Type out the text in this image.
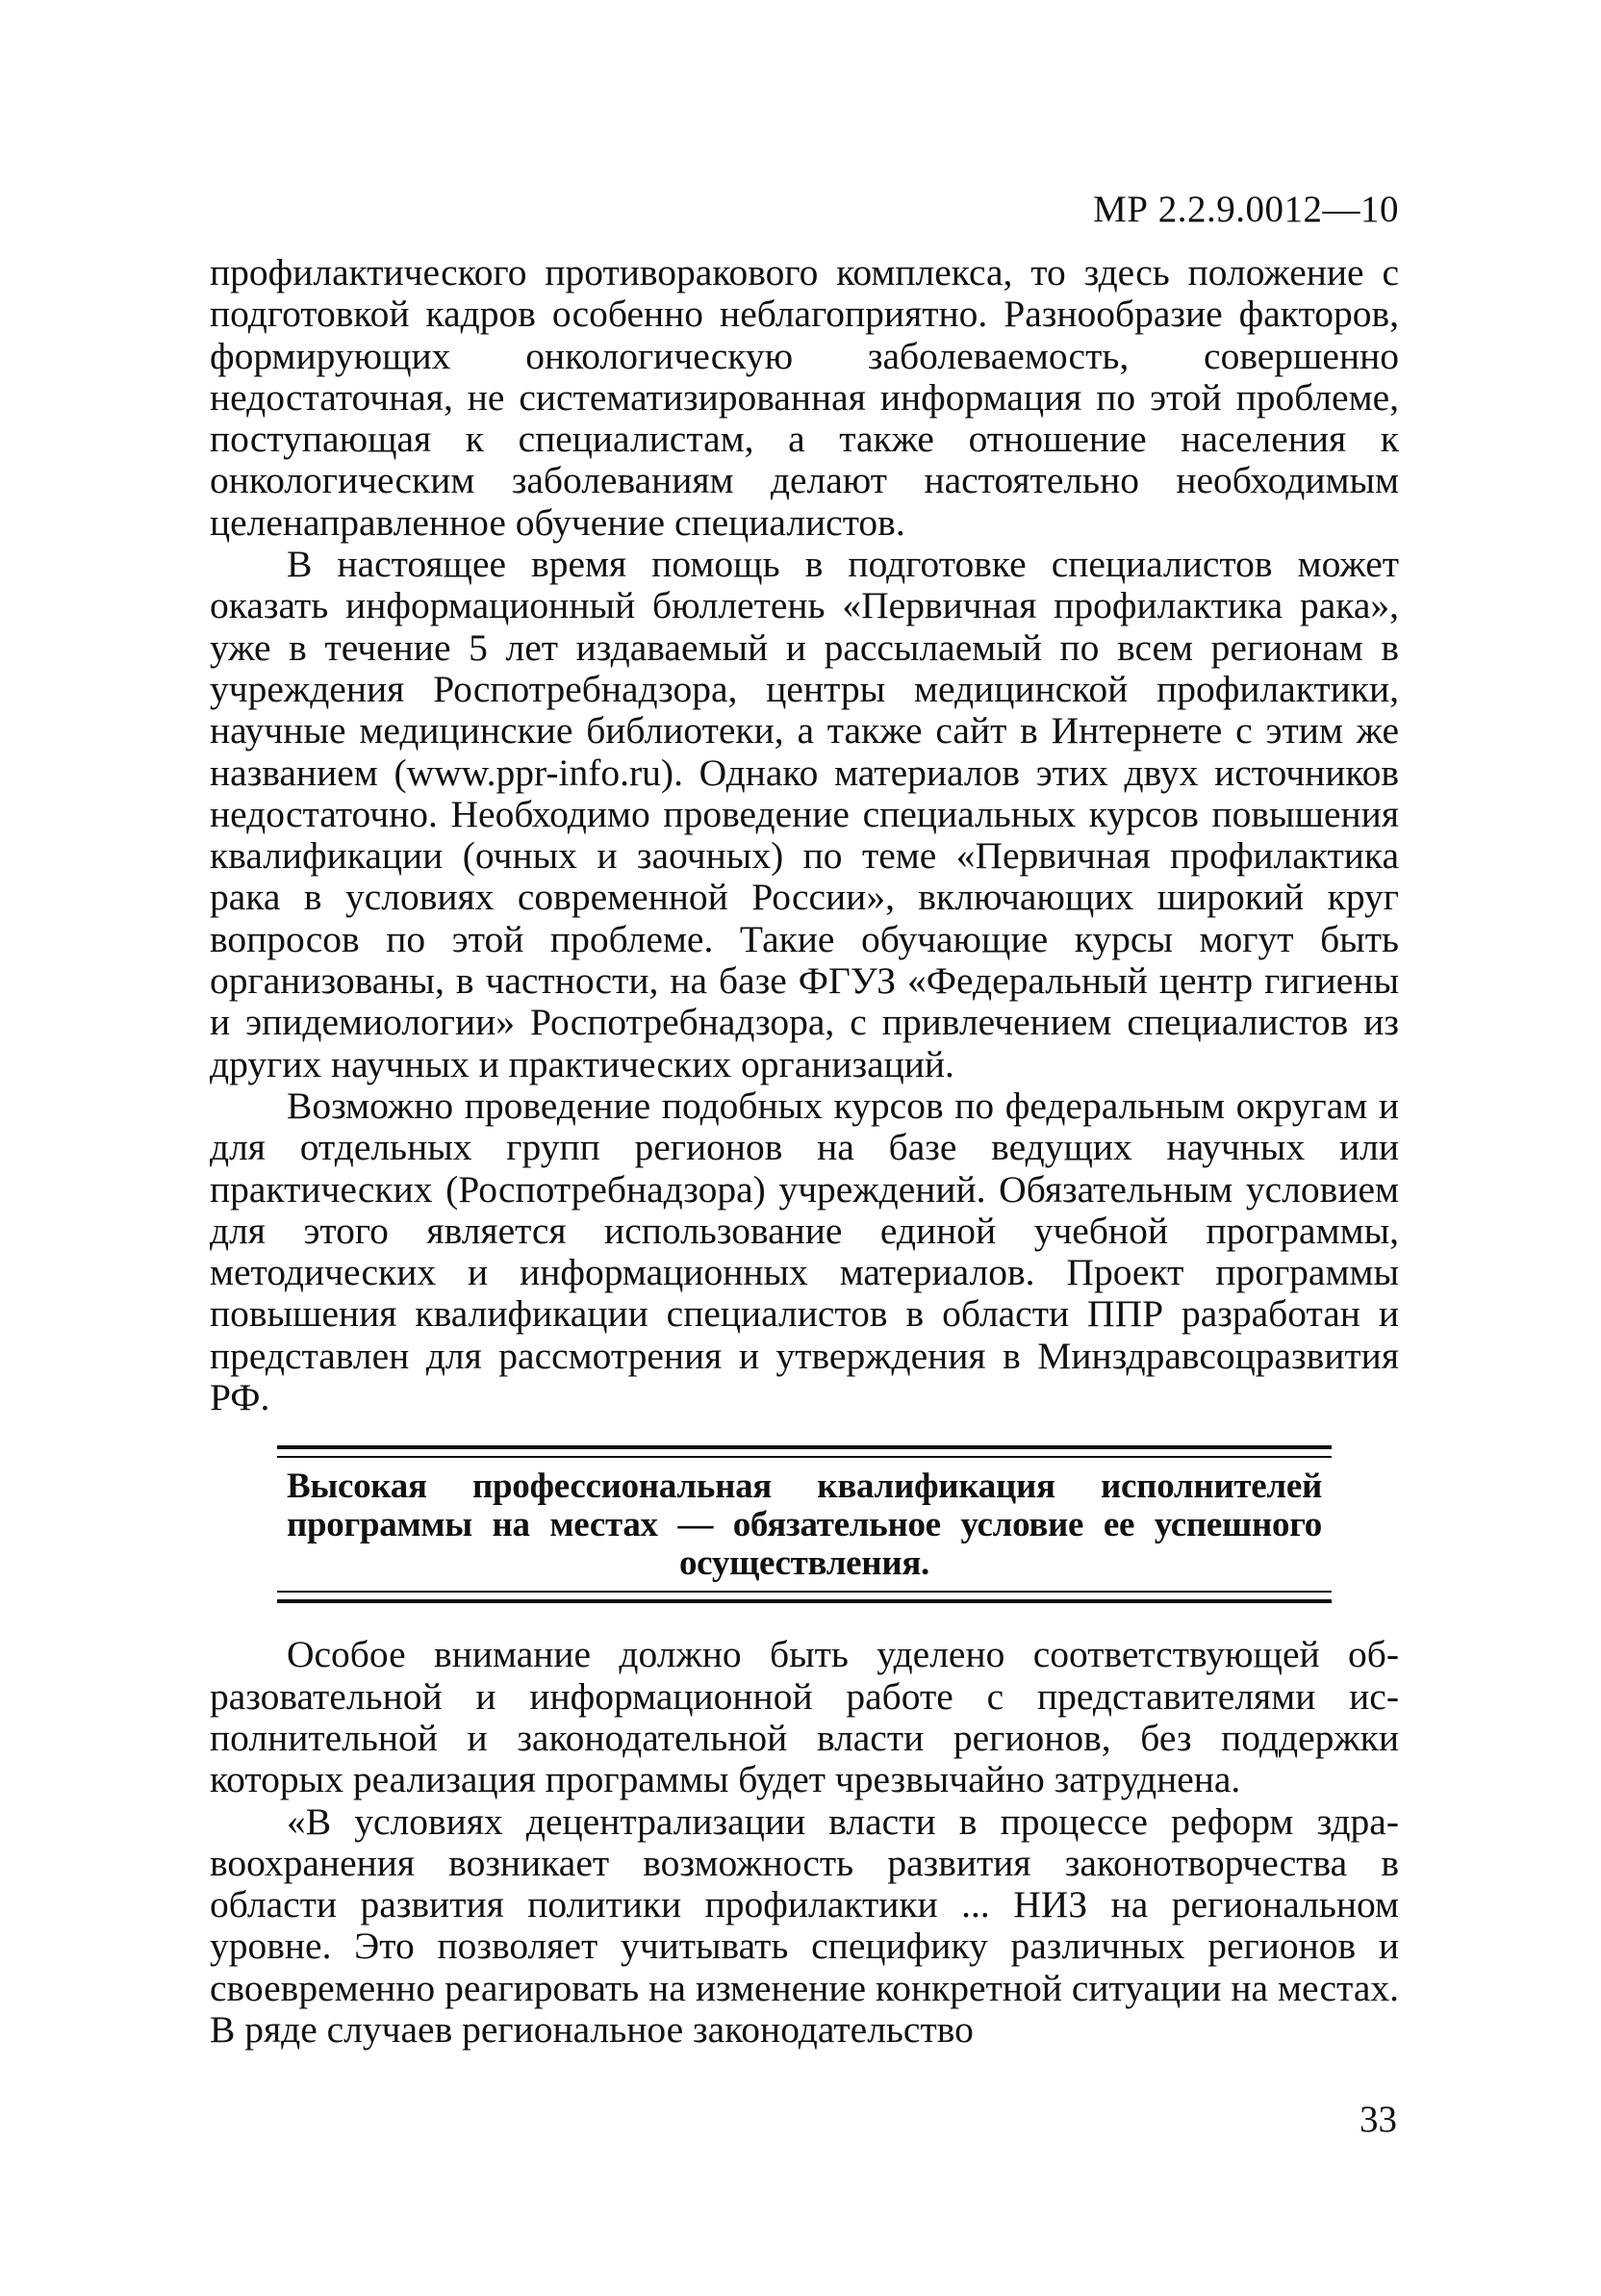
МР 2.2.9.0012—10

профилактического противоракового комплекса, то здесь положение с подготовкой кадров особенно неблагоприятно. Разнообразие факторов, формирующих онкологическую заболеваемость, совершенно недостаточная, не систематизированная информация по этой проблеме, поступающая к специалистам, а также отношение населения к онкологическим заболеваниям делают настоятельно необходимым целенаправленное обучение специалистов.

В настоящее время помощь в подготовке специалистов может оказать информационный бюллетень «Первичная профилактика рака», уже в течение 5 лет издаваемый и рассылаемый по всем регионам в учреждения Роспотребнадзора, центры медицинской профилактики, научные медицинские библиотеки, а также сайт в Интернете с этим же названием (www.ppr-info.ru). Однако материалов этих двух источников недостаточно. Необходимо проведение специальных курсов повышения квалификации (очных и заочных) по теме «Первичная профилактика рака в условиях современной России», включающих широкий круг вопросов по этой проблеме. Такие обучающие курсы могут быть организованы, в частности, на базе ФГУЗ «Федеральный центр гигиены и эпидемиологии» Роспотребнадзора, с привлечением специалистов из других научных и практических организаций.

Возможно проведение подобных курсов по федеральным округам и для отдельных групп регионов на базе ведущих научных или практических (Роспотребнадзора) учреждений. Обязательным условием для этого является использование единой учебной программы, методических и информационных материалов. Проект программы повышения квалификации специалистов в области ППР разработан и представлен для рассмотрения и утверждения в Минздравсоцразвития РФ.

Высокая профессиональная квалификация исполнителей программы на местах — обязательное условие ее успешного осуществления.

Особое внимание должно быть уделено соответствующей образовательной и информационной работе с представителями исполнительной и законодательной власти регионов, без поддержки которых реализация программы будет чрезвычайно затруднена.

«В условиях децентрализации власти в процессе реформ здравоохранения возникает возможность развития законотворчества в области развития политики профилактики ... НИЗ на региональном уровне. Это позволяет учитывать специфику различных регионов и своевременно реагировать на изменение конкретной ситуации на местах. В ряде случаев региональное законодательство

33
